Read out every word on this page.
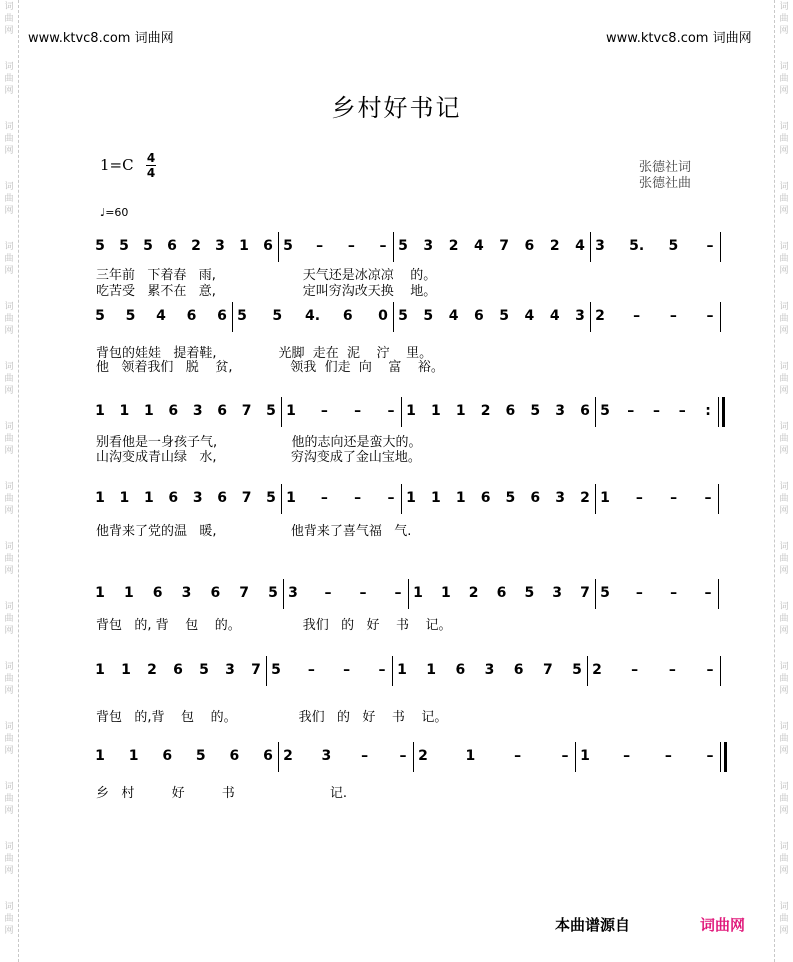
词
曲
网
词
曲
网
词
曲
网
词
曲
网
词
曲
网
词
曲
网
词
曲
网
词
曲
网
词
曲
网
词
曲
网
词
曲
网
词
曲
网
词
曲
网
词
曲
网
词
曲
网
词
曲
网
词
曲
网
词
曲
网
词
曲
网
词
曲
网
词
曲
网
词
曲
网
词
曲
网
词
曲
网
词
曲
网
词
曲
网
词
曲
网
词
曲
网
词
曲
网
词
曲
网
词
曲
网
词
曲
网
www.ktvc8.com 词曲网	www.ktvc8.com 词曲网
乡村好书记
1=C 4
4	张德社词
张德社曲
♩=60
5 5 5 6 2 3 1 6 5 – – – 5 3 2 4 7 6 2 4 3 5. 5 –
三年前   下着春   雨,                     天气还是冰凉凉    的。
吃苦受   累不在   意,                     定叫穷沟改天换    地。
5 5 4 6 6 5 5 4. 6 0 5 5 4 6 5 4 4 3 2 – – –
背包的娃娃   提着鞋,               光脚  走在  泥    泞    里。
他   领着我们   脱    贫,              领我  们走  向    富    裕。
1 1 1 6 3 6 7 5 1 – – – 1 1 1 2 6 5 3 6 5 – – – :
别看他是一身孩子气,                  他的志向还是蛮大的。
山沟变成青山绿   水,                  穷沟变成了金山宝地。
1 1 1 6 3 6 7 5 1 – – – 1 1 1 6 5 6 3 2 1 – – –
他背来了党的温   暖,                  他背来了喜气福   气.
1 1 6 3 6 7 5 3 – – – 1 1 2 6 5 3 7 5 – – –
背包   的, 背    包    的。               我们   的   好    书    记。
1 1 2 6 5 3 7 5 – – – 1 1 6 3 6 7 5 2 – – –
背包   的,背    包    的。               我们   的   好    书    记。
1 1 6 5 6 6 2 3 – – 2	1	–	– 1 – – –
乡   村         好         书                       记.
本曲谱源自	词曲网
